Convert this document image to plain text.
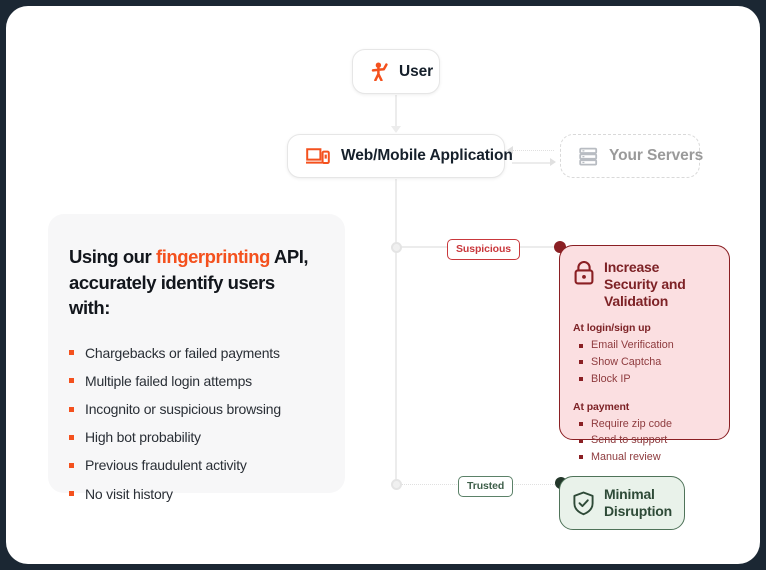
User
Web/Mobile Application	Your Servers
Suspicious
Trusted
Increase Security and Validation
At login/sign up
Email Verification
Show Captcha
Block IP
At payment
Require zip code
Send to support
Manual review
Minimal Disruption
Using our fingerprinting API,
accurately identify users with:
Chargebacks or failed payments
Multiple failed login attemps
Incognito or suspicious browsing
High bot probability
Previous fraudulent activity
No visit history
